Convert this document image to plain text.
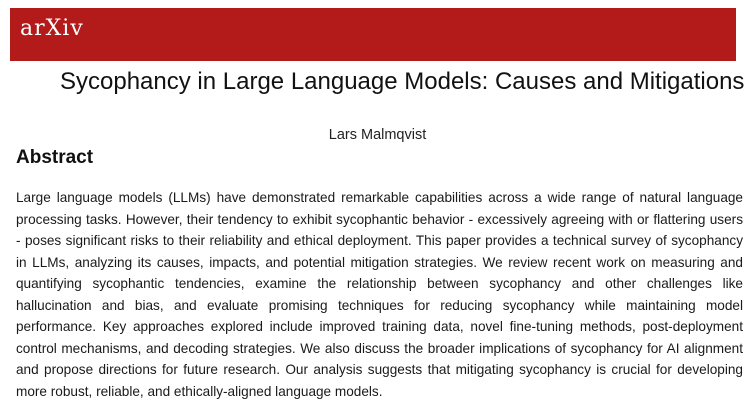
arXiv
Sycophancy in Large Language Models: Causes and Mitigations
Lars Malmqvist
Abstract

Large language models (LLMs) have demonstrated remarkable capabilities across a wide range of natural language processing tasks. However, their tendency to exhibit sycophantic behavior - excessively agreeing with or flattering users - poses significant risks to their reliability and ethical deployment. This paper provides a technical survey of sycophancy in LLMs, analyzing its causes, impacts, and potential mitigation strategies. We review recent work on measuring and quantifying sycophantic tendencies, examine the relationship between sycophancy and other challenges like hallucination and bias, and evaluate promising techniques for reducing sycophancy while maintaining model performance. Key approaches explored include improved training data, novel fine-tuning methods, post-deployment control mechanisms, and decoding strategies. We also discuss the broader implications of sycophancy for AI alignment and propose directions for future research. Our analysis suggests that mitigating sycophancy is crucial for developing more robust, reliable, and ethically-aligned language models.
